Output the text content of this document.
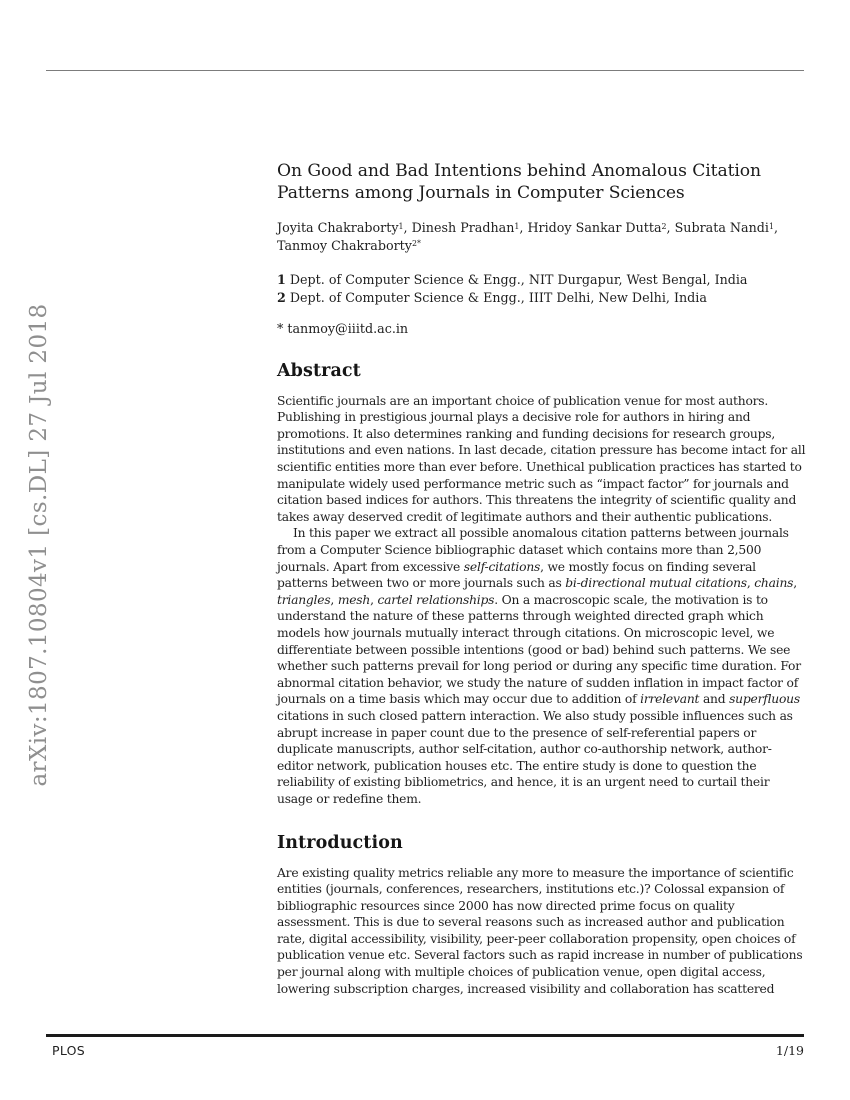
arXiv:1807.10804v1 [cs.DL] 27 Jul 2018
On Good and Bad Intentions behind Anomalous Citation
Patterns among Journals in Computer Sciences
Joyita Chakraborty$^1$, Dinesh Pradhan$^1$, Hridoy Sankar Dutta$^2$, Subrata Nandi$^1$,
Tanmoy Chakraborty$^{2*}$
1 Dept. of Computer Science & Engg., NIT Durgapur, West Bengal, India
2 Dept. of Computer Science & Engg., IIIT Delhi, New Delhi, India
* tanmoy@iiitd.ac.in
Abstract

Scientific journals are an important choice of publication venue for most authors. Publishing in prestigious journal plays a decisive role for authors in hiring and promotions. It also determines ranking and funding decisions for research groups, institutions and even nations. In last decade, citation pressure has become intact for all scientific entities more than ever before. Unethical publication practices has started to manipulate widely used performance metric such as “impact factor” for journals and citation based indices for authors. This threatens the integrity of scientific quality and takes away deserved credit of legitimate authors and their authentic publications.

In this paper we extract all possible anomalous citation patterns between journals from a Computer Science bibliographic dataset which contains more than 2,500 journals. Apart from excessive self-citations, we mostly focus on finding several patterns between two or more journals such as bi-directional mutual citations, chains, triangles, mesh, cartel relationships. On a macroscopic scale, the motivation is to understand the nature of these patterns through weighted directed graph which models how journals mutually interact through citations. On microscopic level, we differentiate between possible intentions (good or bad) behind such patterns. We see whether such patterns prevail for long period or during any specific time duration. For abnormal citation behavior, we study the nature of sudden inflation in impact factor of journals on a time basis which may occur due to addition of irrelevant and superfluous citations in such closed pattern interaction. We also study possible influences such as abrupt increase in paper count due to the presence of self-referential papers or duplicate manuscripts, author self-citation, author co-authorship network, author-editor network, publication houses etc. The entire study is done to question the reliability of existing bibliometrics, and hence, it is an urgent need to curtail their usage or redefine them.

Introduction

Are existing quality metrics reliable any more to measure the importance of scientific entities (journals, conferences, researchers, institutions etc.)? Colossal expansion of bibliographic resources since 2000 has now directed prime focus on quality assessment. This is due to several reasons such as increased author and publication rate, digital accessibility, visibility, peer-peer collaboration propensity, open choices of publication venue etc. Several factors such as rapid increase in number of publications per journal along with multiple choices of publication venue, open digital access, lowering subscription charges, increased visibility and collaboration has scattered

PLOS	1/19
